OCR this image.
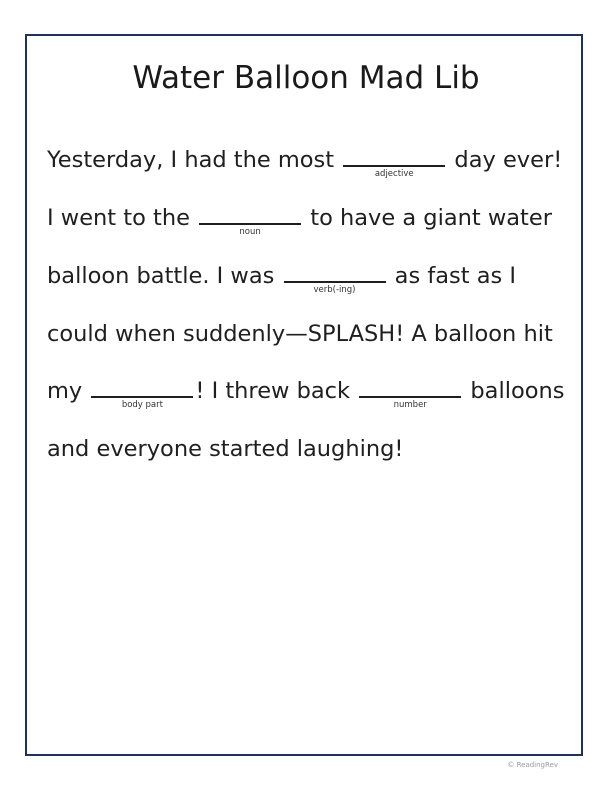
Water Balloon Mad Lib
Yesterday, I had the most
adjective
day ever!
I went to the
noun
to have a giant water
balloon battle. I was
verb(-ing)
as fast as I
could when suddenly—SPLASH! A balloon hit
my
body part
! I threw back
number
balloons
and everyone started laughing!
© ReadingRev
